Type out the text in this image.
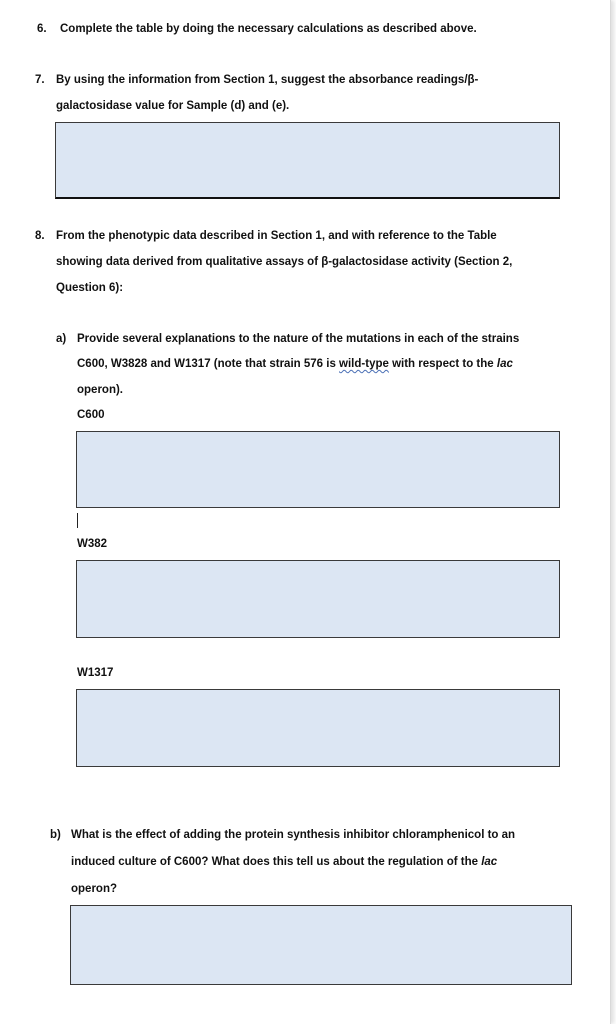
6. Complete the table by doing the necessary calculations as described above.

7. By using the information from Section 1, suggest the absorbance readings/β-

galactosidase value for Sample (d) and (e).

8. From the phenotypic data described in Section 1, and with reference to the Table

showing data derived from qualitative assays of β-galactosidase activity (Section 2,

Question 6):

a) Provide several explanations to the nature of the mutations in each of the strains

C600, W3828 and W1317 (note that strain 576 is wild-type with respect to the lac

operon).

C600

W382

W1317

b) What is the effect of adding the protein synthesis inhibitor chloramphenicol to an

induced culture of C600? What does this tell us about the regulation of the lac

operon?
